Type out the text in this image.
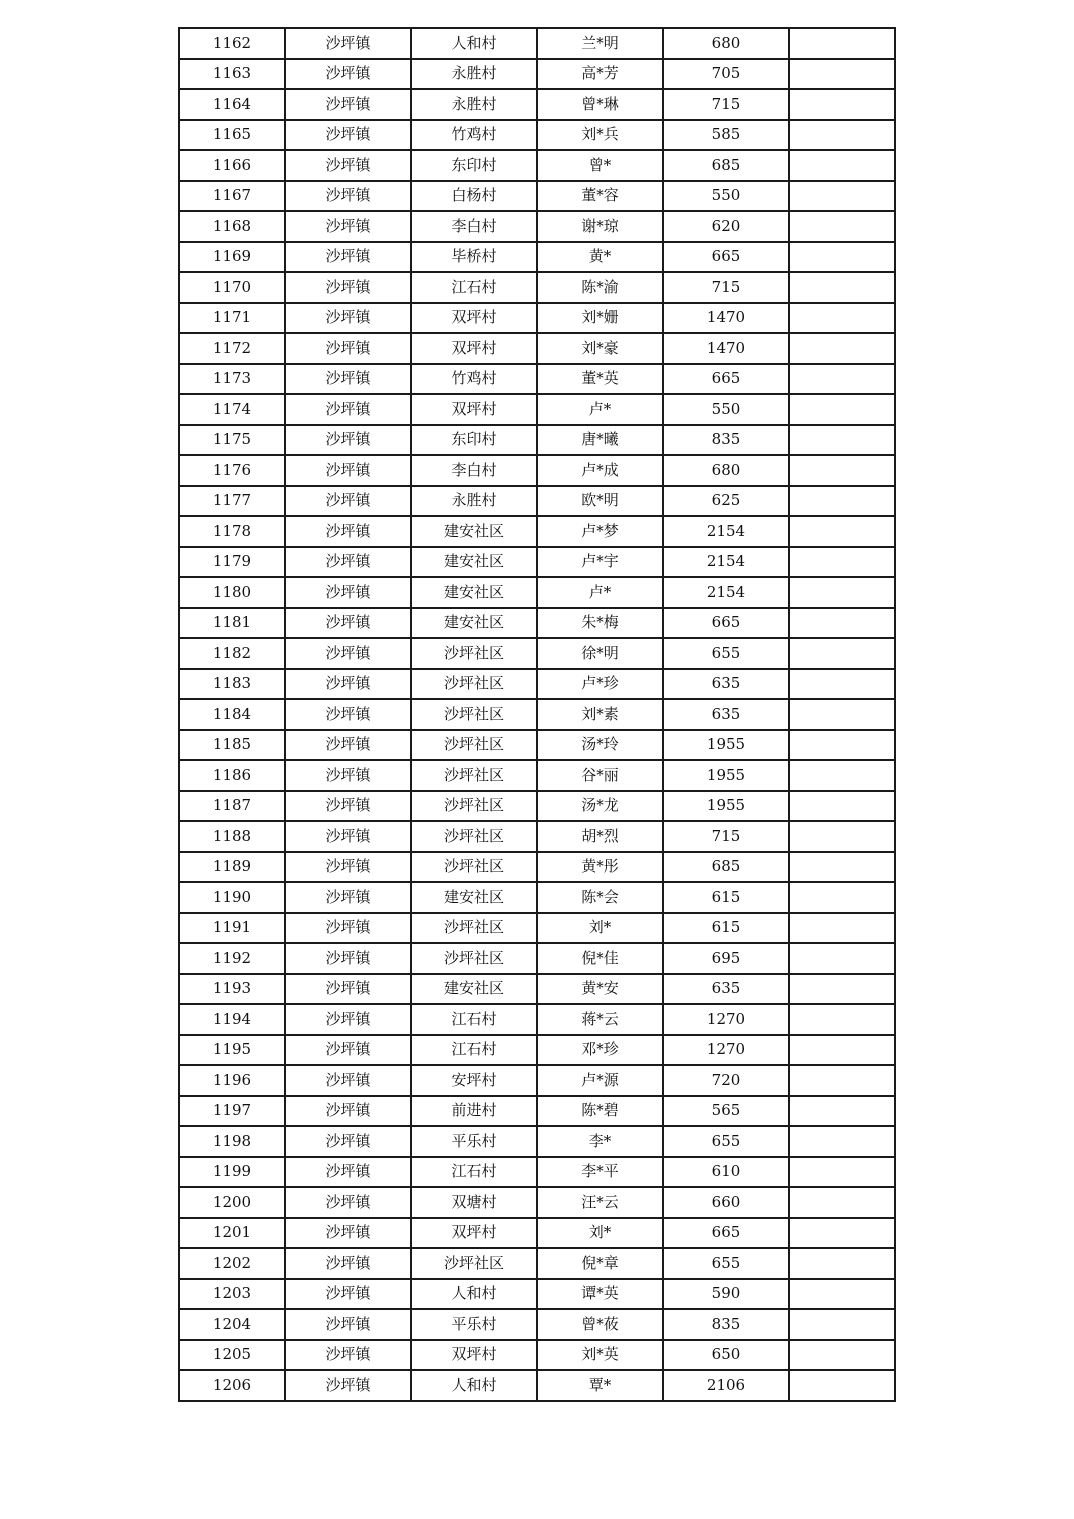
1162	沙坪镇	人和村	兰*明	680	
1163	沙坪镇	永胜村	高*芳	705	
1164	沙坪镇	永胜村	曾*琳	715	
1165	沙坪镇	竹鸡村	刘*兵	585	
1166	沙坪镇	东印村	曾*	685	
1167	沙坪镇	白杨村	董*容	550	
1168	沙坪镇	李白村	谢*琼	620	
1169	沙坪镇	毕桥村	黄*	665	
1170	沙坪镇	江石村	陈*渝	715	
1171	沙坪镇	双坪村	刘*姗	1470	
1172	沙坪镇	双坪村	刘*豪	1470	
1173	沙坪镇	竹鸡村	董*英	665	
1174	沙坪镇	双坪村	卢*	550	
1175	沙坪镇	东印村	唐*曦	835	
1176	沙坪镇	李白村	卢*成	680	
1177	沙坪镇	永胜村	欧*明	625	
1178	沙坪镇	建安社区	卢*梦	2154	
1179	沙坪镇	建安社区	卢*宇	2154	
1180	沙坪镇	建安社区	卢*	2154	
1181	沙坪镇	建安社区	朱*梅	665	
1182	沙坪镇	沙坪社区	徐*明	655	
1183	沙坪镇	沙坪社区	卢*珍	635	
1184	沙坪镇	沙坪社区	刘*素	635	
1185	沙坪镇	沙坪社区	汤*玲	1955	
1186	沙坪镇	沙坪社区	谷*丽	1955	
1187	沙坪镇	沙坪社区	汤*龙	1955	
1188	沙坪镇	沙坪社区	胡*烈	715	
1189	沙坪镇	沙坪社区	黄*彤	685	
1190	沙坪镇	建安社区	陈*会	615	
1191	沙坪镇	沙坪社区	刘*	615	
1192	沙坪镇	沙坪社区	倪*佳	695	
1193	沙坪镇	建安社区	黄*安	635	
1194	沙坪镇	江石村	蒋*云	1270	
1195	沙坪镇	江石村	邓*珍	1270	
1196	沙坪镇	安坪村	卢*源	720	
1197	沙坪镇	前进村	陈*碧	565	
1198	沙坪镇	平乐村	李*	655	
1199	沙坪镇	江石村	李*平	610	
1200	沙坪镇	双塘村	汪*云	660	
1201	沙坪镇	双坪村	刘*	665	
1202	沙坪镇	沙坪社区	倪*章	655	
1203	沙坪镇	人和村	谭*英	590	
1204	沙坪镇	平乐村	曾*莜	835	
1205	沙坪镇	双坪村	刘*英	650	
1206	沙坪镇	人和村	覃*	2106	
